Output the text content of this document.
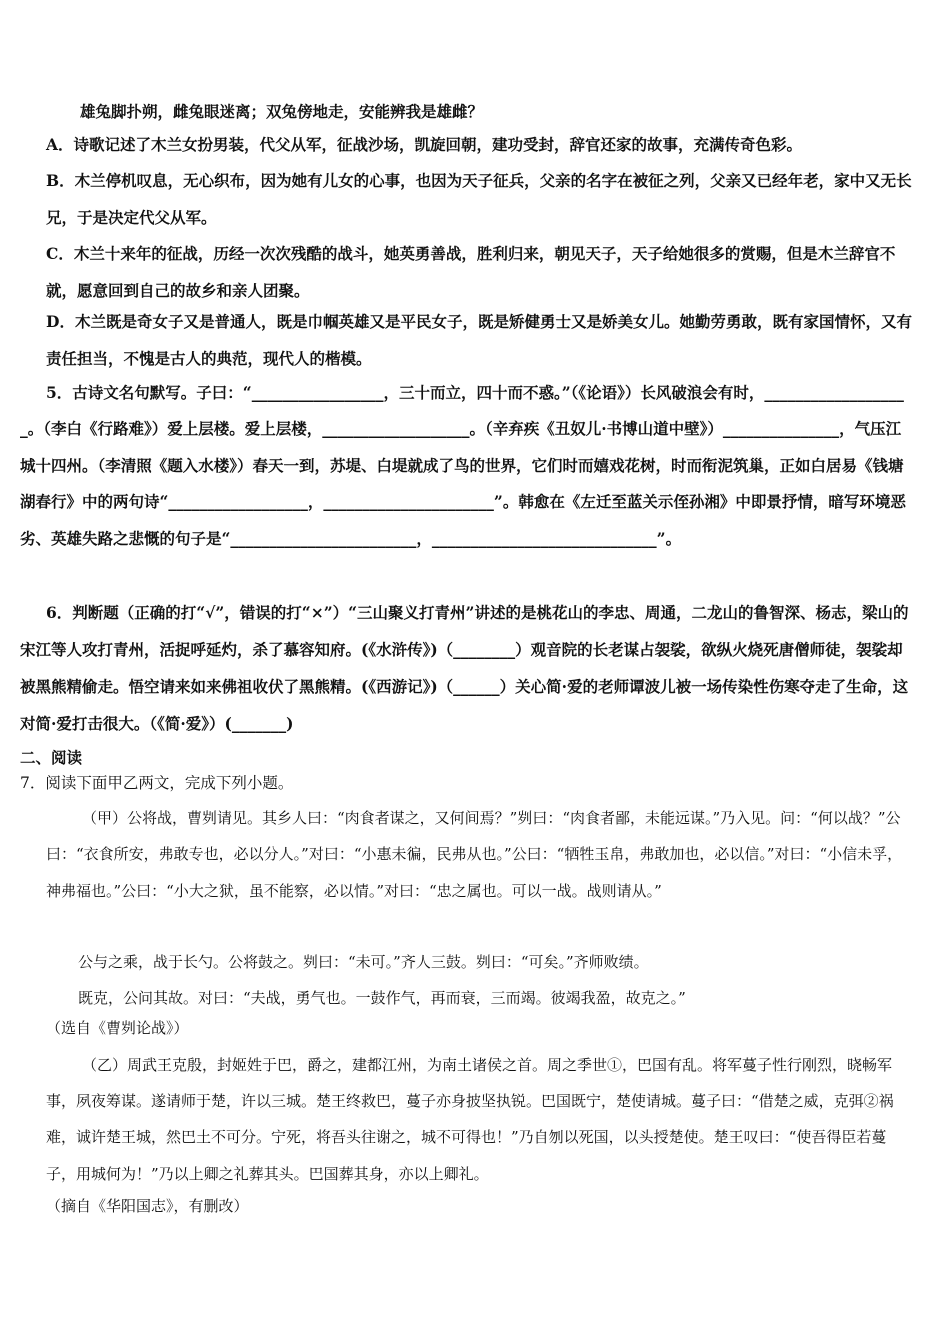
雄兔脚扑朔，雌兔眼迷离；双兔傍地走，安能辨我是雄雌？
A．诗歌记述了木兰女扮男装，代父从军，征战沙场，凯旋回朝，建功受封，辞官还家的故事，充满传奇色彩。
B．木兰停机叹息，无心织布，因为她有儿女的心事，也因为天子征兵，父亲的名字在被征之列，父亲又已经年老，家中又无长兄，于是决定代父从军。
C．木兰十来年的征战，历经一次次残酷的战斗，她英勇善战，胜利归来，朝见天子，天子给她很多的赏赐，但是木兰辞官不就，愿意回到自己的故乡和亲人团聚。
D．木兰既是奇女子又是普通人，既是巾帼英雄又是平民女子，既是矫健勇士又是娇美女儿。她勤劳勇敢，既有家国情怀，又有责任担当，不愧是古人的典范，现代人的楷模。
5．古诗文名句默写。子曰：“_________________，三十而立，四十而不惑。”（《论语》）长风破浪会有时，___________________。（李白《行路难》）爱上层楼。爱上层楼，___________________。（辛弃疾《丑奴儿·书博山道中壁》）_______________，气压江城十四州。（李清照《题入水楼》）春天一到，苏堤、白堤就成了鸟的世界，它们时而嬉戏花树，时而衔泥筑巢，正如白居易《钱塘湖春行》中的两句诗“__________________，______________________”。韩愈在《左迁至蓝关示侄孙湘》中即景抒情，暗写环境恶劣、英雄失路之悲慨的句子是“________________________，_____________________________”。
6．判断题（正确的打“√”，错误的打“×”）“三山聚义打青州”讲述的是桃花山的李忠、周通，二龙山的鲁智深、杨志，梁山的宋江等人攻打青州，活捉呼延灼，杀了慕容知府。(《水浒传》)（________）观音院的长老谋占袈裟，欲纵火烧死唐僧师徒，袈裟却被黑熊精偷走。悟空请来如来佛祖收伏了黑熊精。(《西游记》)（______）关心简·爱的老师谭波儿被一场传染性伤寒夺走了生命，这对简·爱打击很大。（《简·爱》）(_______)
二、阅读
7．阅读下面甲乙两文，完成下列小题。
（甲）公将战，曹刿请见。其乡人曰：“肉食者谋之，又何间焉？”刿曰：“肉食者鄙，未能远谋。”乃入见。问：“何以战？”公曰：“衣食所安，弗敢专也，必以分人。”对曰：“小惠未徧，民弗从也。”公曰：“牺牲玉帛，弗敢加也，必以信。”对曰：“小信未孚，神弗福也。”公曰：“小大之狱，虽不能察，必以情。”对曰：“忠之属也。可以一战。战则请从。”
公与之乘，战于长勺。公将鼓之。刿曰：“未可。”齐人三鼓。刿曰：“可矣。”齐师败绩。
既克，公问其故。对曰：“夫战，勇气也。一鼓作气，再而衰，三而竭。彼竭我盈，故克之。”
（选自《曹刿论战》）
（乙）周武王克殷，封姬姓于巴，爵之，建都江州，为南土诸侯之首。周之季世①，巴国有乱。将军蔓子性行刚烈，晓畅军事，夙夜筹谋。遂请师于楚，许以三城。楚王终救巴，蔓子亦身披坚执锐。巴国既宁，楚使请城。蔓子曰：“借楚之威，克弭②祸难，诚许楚王城，然巴土不可分。宁死，将吾头往谢之，城不可得也！”乃自刎以死国，以头授楚使。楚王叹曰：“使吾得臣若蔓子，用城何为！”乃以上卿之礼葬其头。巴国葬其身，亦以上卿礼。
（摘自《华阳国志》，有删改）
